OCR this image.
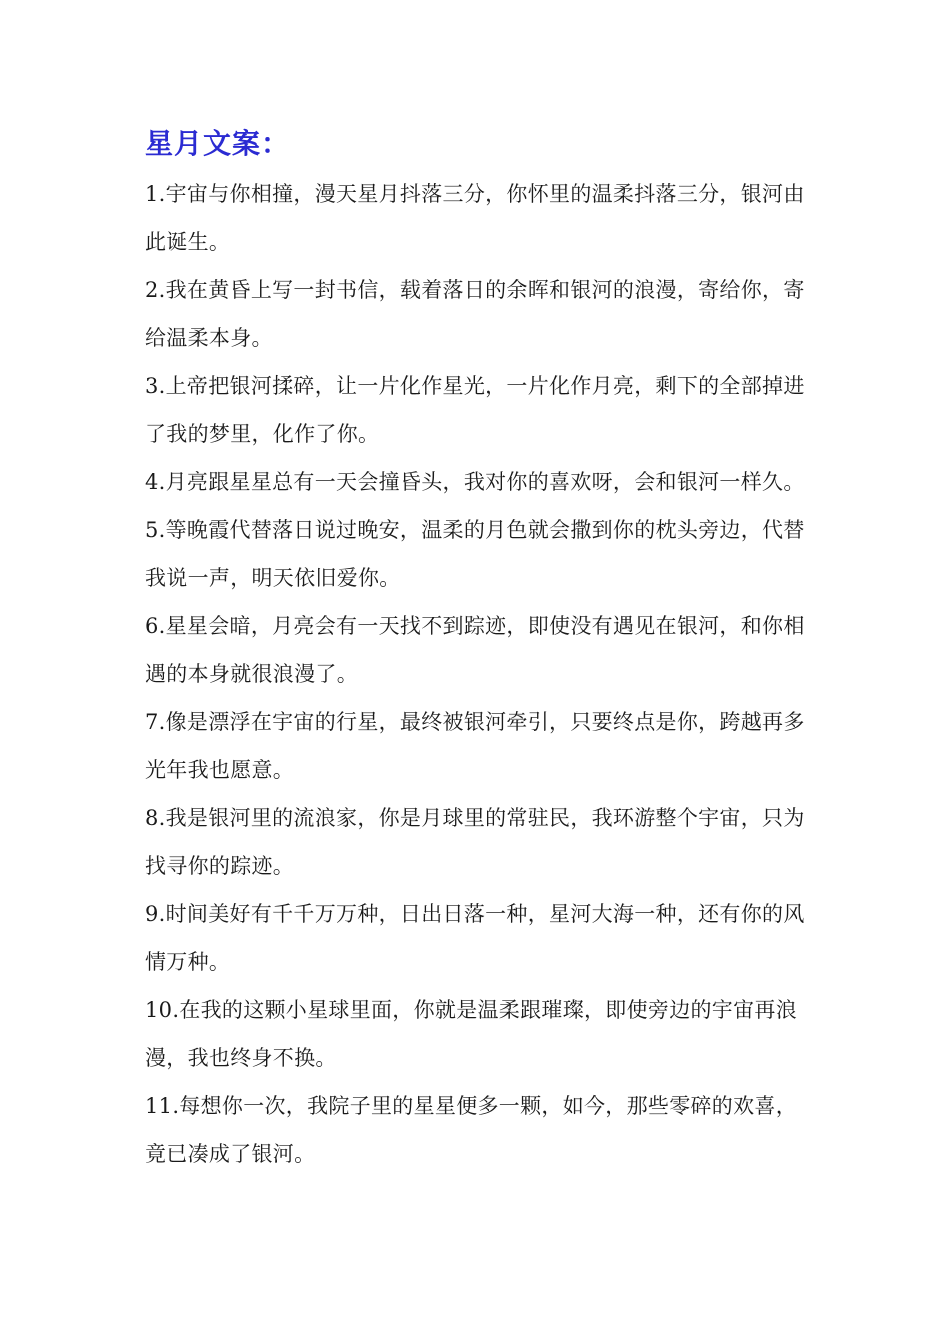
星月文案：
1.宇宙与你相撞，漫天星月抖落三分，你怀里的温柔抖落三分，银河由此诞生。
2.我在黄昏上写一封书信，载着落日的余晖和银河的浪漫，寄给你，寄给温柔本身。
3.上帝把银河揉碎，让一片化作星光，一片化作月亮，剩下的全部掉进了我的梦里，化作了你。
4.月亮跟星星总有一天会撞昏头，我对你的喜欢呀，会和银河一样久。
5.等晚霞代替落日说过晚安，温柔的月色就会撒到你的枕头旁边，代替我说一声，明天依旧爱你。
6.星星会暗，月亮会有一天找不到踪迹，即使没有遇见在银河，和你相遇的本身就很浪漫了。
7.像是漂浮在宇宙的行星，最终被银河牵引，只要终点是你，跨越再多光年我也愿意。
8.我是银河里的流浪家，你是月球里的常驻民，我环游整个宇宙，只为找寻你的踪迹。
9.时间美好有千千万万种，日出日落一种，星河大海一种，还有你的风情万种。
10.在我的这颗小星球里面，你就是温柔跟璀璨，即使旁边的宇宙再浪漫，我也终身不换。
11.每想你一次，我院子里的星星便多一颗，如今，那些零碎的欢喜，竟已凑成了银河。
